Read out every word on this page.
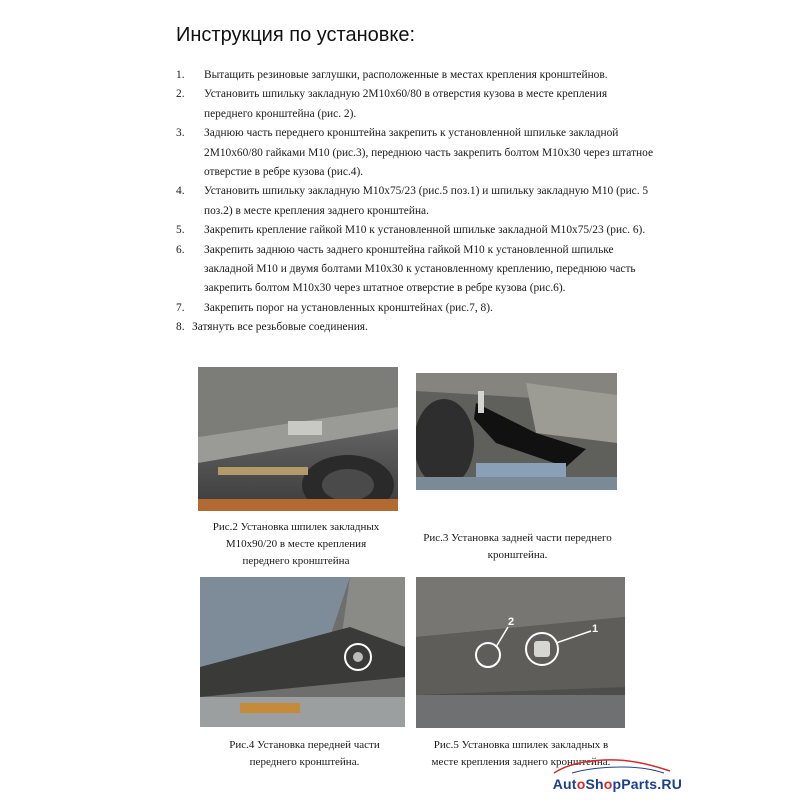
Инструкция по установке:
1. Вытащить резиновые заглушки, расположенные в местах крепления кронштейнов.
2. Установить шпильку закладную 2М10х60/80 в отверстия кузова в месте крепления переднего кронштейна (рис. 2).
3. Заднюю часть переднего кронштейна закрепить к установленной шпильке закладной 2М10х60/80 гайками М10 (рис.3), переднюю часть закрепить болтом М10х30 через штатное отверстие в ребре кузова (рис.4).
4. Установить шпильку закладную М10х75/23 (рис.5 поз.1) и шпильку закладную М10 (рис. 5 поз.2) в месте крепления заднего кронштейна.
5. Закрепить крепление гайкой М10 к установленной шпильке закладной М10х75/23 (рис. 6).
6. Закрепить заднюю часть заднего кронштейна гайкой М10 к установленной шпильке закладной М10 и двумя болтами М10х30 к установленному креплению, переднюю часть закрепить болтом М10х30 через штатное отверстие в ребре кузова (рис.6).
7. Закрепить порог на установленных кронштейнах (рис.7, 8).
8. Затянуть все резьбовые соединения.
Рис.2 Установка шпилек закладных М10х90/20 в месте крепления переднего кронштейна
Рис.3 Установка задней части переднего кронштейна.
Рис.4 Установка передней части переднего кронштейна.
2
1
Рис.5 Установка шпилек закладных в месте крепления заднего кронштейна.
AutoShopParts.RU
